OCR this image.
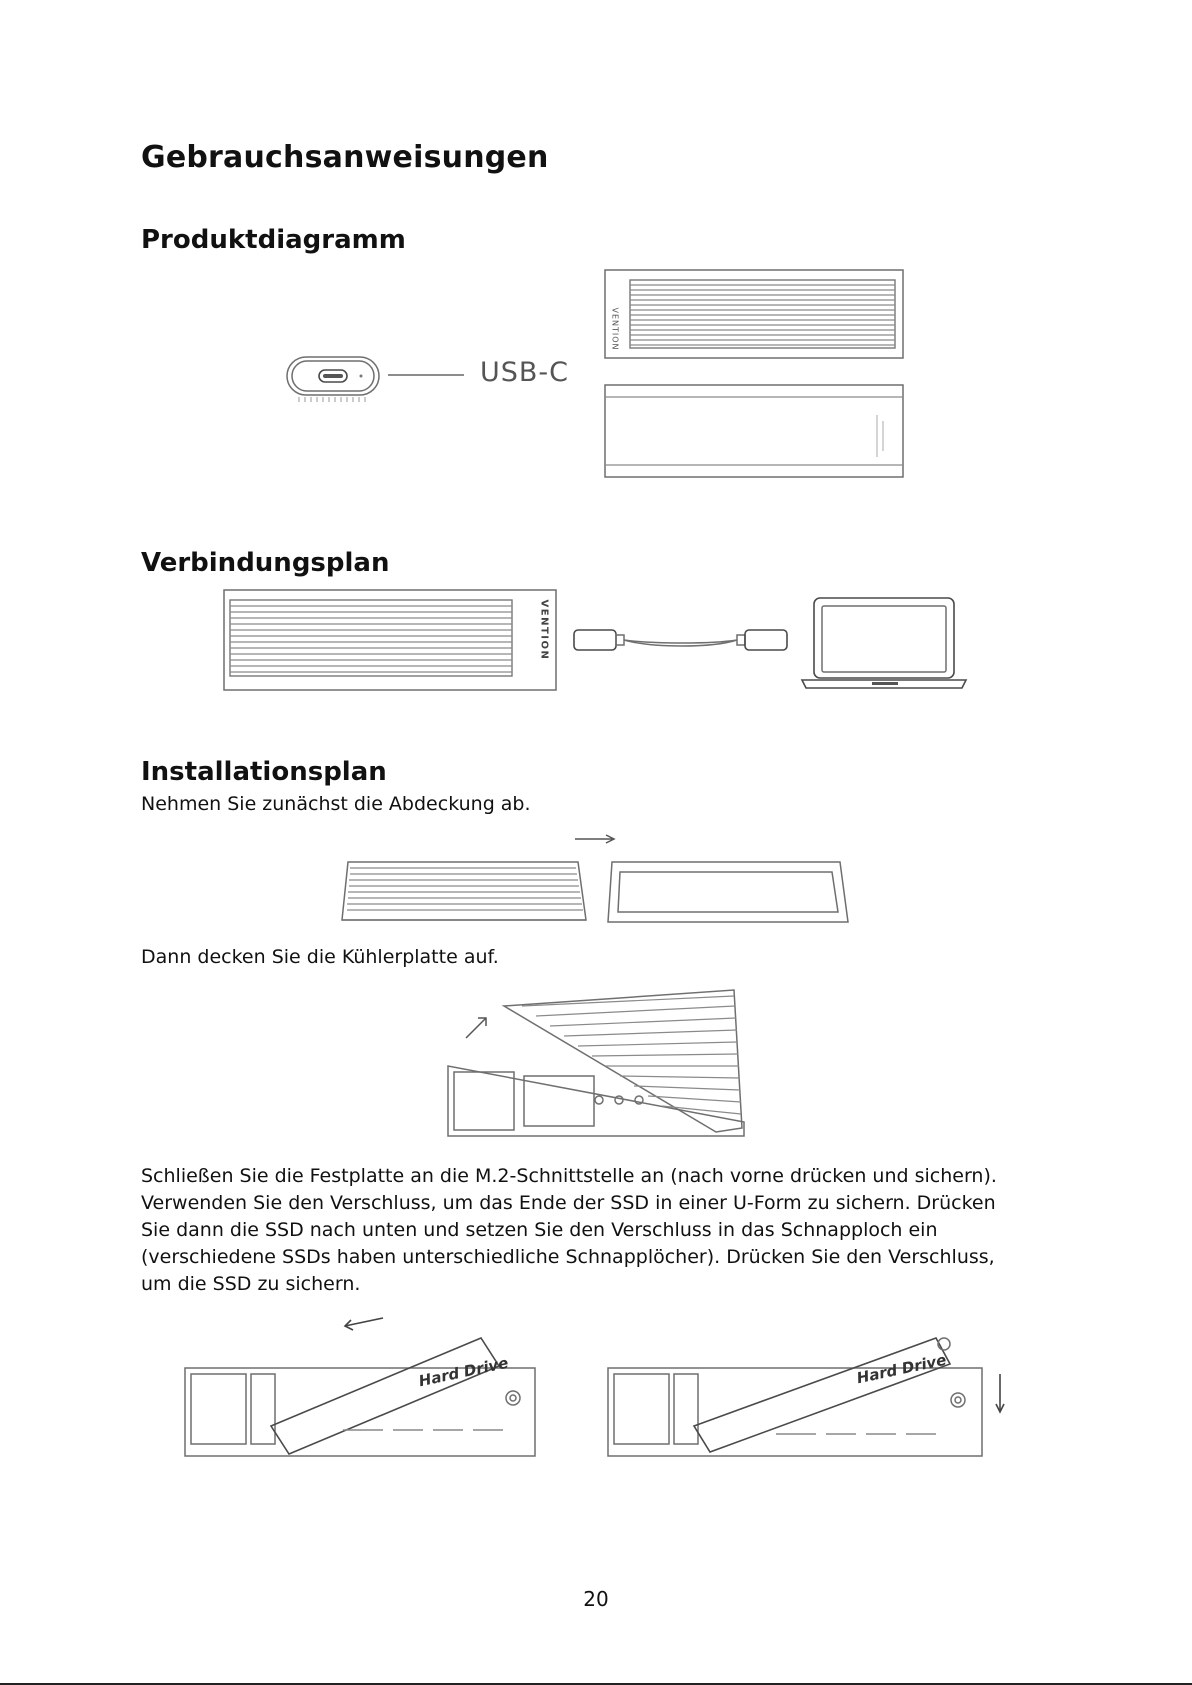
Gebrauchsanweisungen
Produktdiagramm
USB-C
VENTION
Verbindungsplan
VENTION
Installationsplan
Nehmen Sie zunächst die Abdeckung ab.
Dann decken Sie die Kühlerplatte auf.
Schließen Sie die Festplatte an die M.2-Schnittstelle an (nach vorne drücken und sichern).
Verwenden Sie den Verschluss, um das Ende der SSD in einer U-Form zu sichern. Drücken
Sie dann die SSD nach unten und setzen Sie den Verschluss in das Schnapploch ein
(verschiedene SSDs haben unterschiedliche Schnapplöcher). Drücken Sie den Verschluss,
um die SSD zu sichern.
Hard Drive	Hard Drive
20
